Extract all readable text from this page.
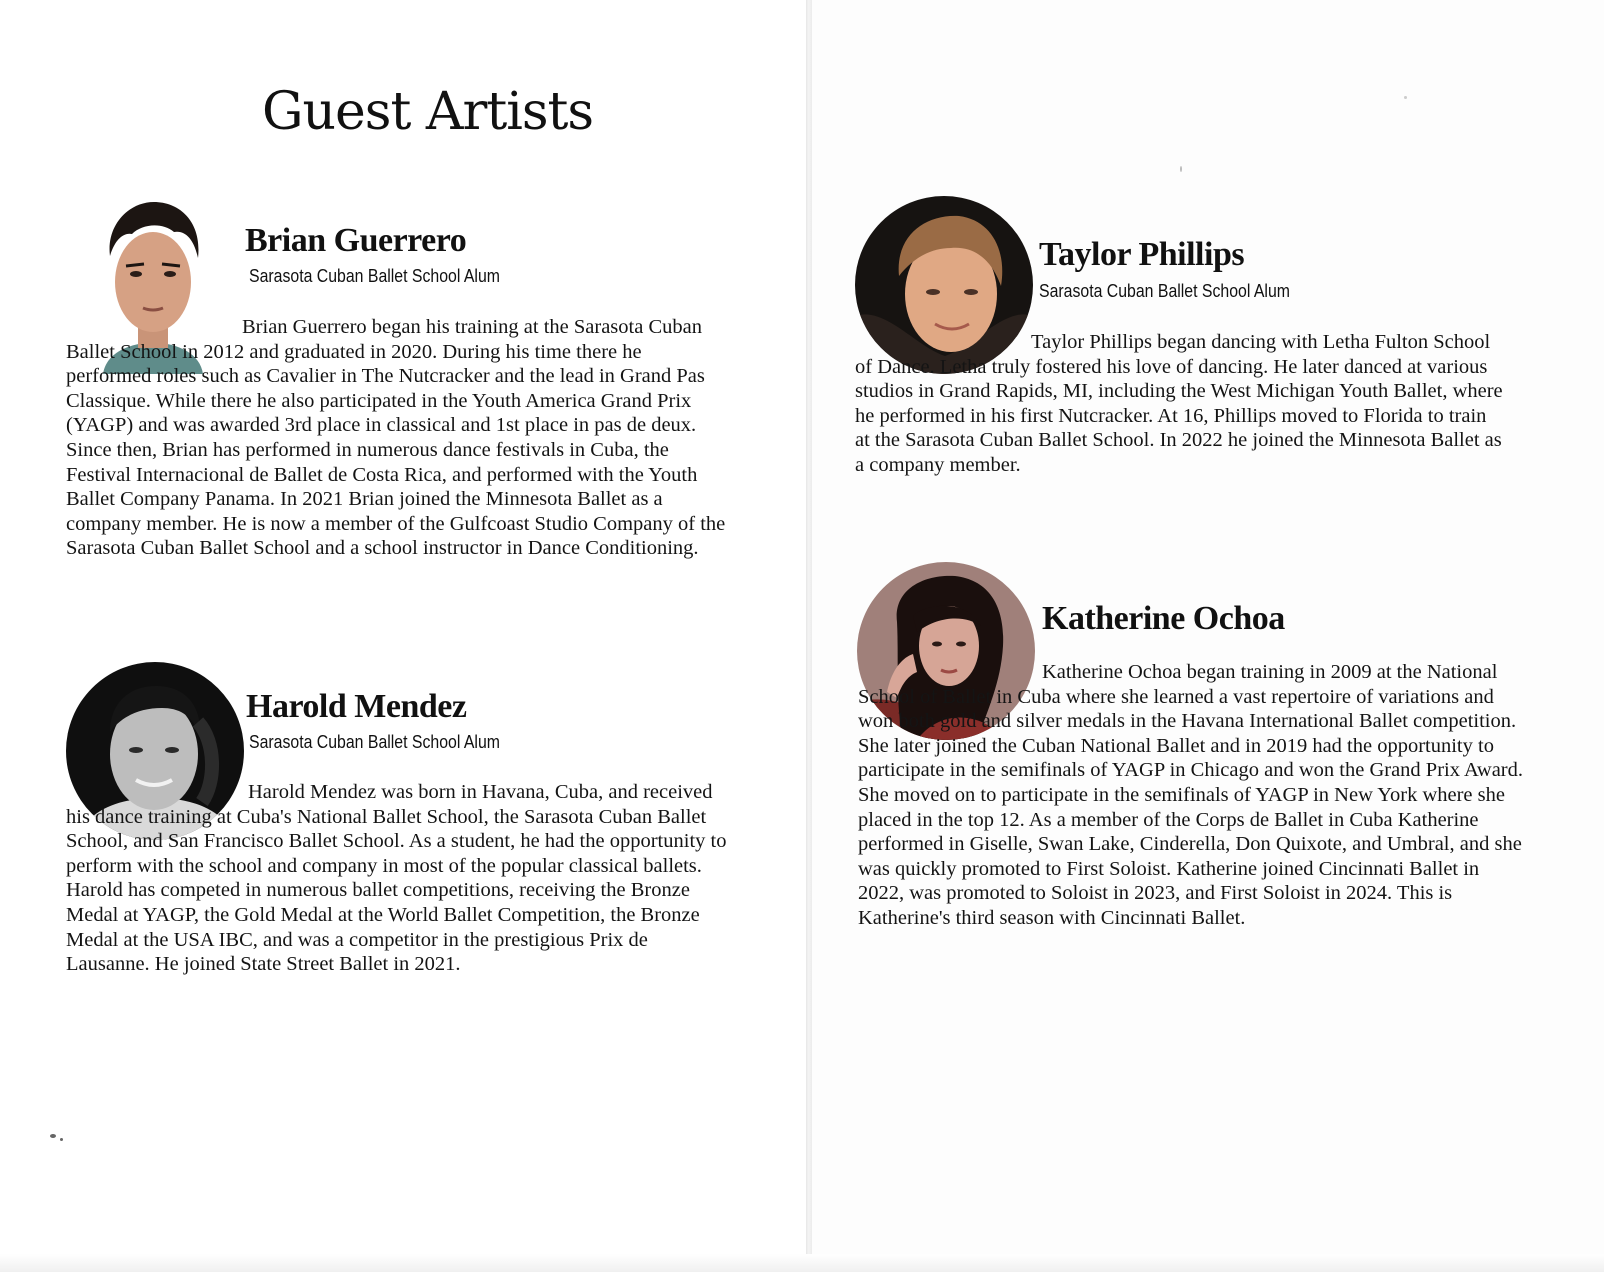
Guest Artists
Brian Guerrero
Sarasota Cuban Ballet School Alum
Brian Guerrero began his training at the Sarasota Cuban Ballet School in 2012 and graduated in 2020. During his time there he performed roles such as Cavalier in The Nutcracker and the lead in Grand Pas Classique. While there he also participated in the Youth America Grand Prix (YAGP) and was awarded 3rd place in classical and 1st place in pas de deux. Since then, Brian has performed in numerous dance festivals in Cuba, the Festival Internacional de Ballet de Costa Rica, and performed with the Youth Ballet Company Panama. In 2021 Brian joined the Minnesota Ballet as a company member. He is now a member of the Gulfcoast Studio Company of the Sarasota Cuban Ballet School and a school instructor in Dance Conditioning.
Harold Mendez
Sarasota Cuban Ballet School Alum
Harold Mendez was born in Havana, Cuba, and received his dance training at Cuba's National Ballet School, the Sarasota Cuban Ballet School, and San Francisco Ballet School. As a student, he had the opportunity to perform with the school and company in most of the popular classical ballets. Harold has competed in numerous ballet competitions, receiving the Bronze Medal at YAGP, the Gold Medal at the World Ballet Competition, the Bronze Medal at the USA IBC, and was a competitor in the prestigious Prix de Lausanne. He joined State Street Ballet in 2021.
Taylor Phillips
Sarasota Cuban Ballet School Alum
Taylor Phillips began dancing with Letha Fulton School of Dance. Letha truly fostered his love of dancing. He later danced at various studios in Grand Rapids, MI, including the West Michigan Youth Ballet, where he performed in his first Nutcracker. At 16, Phillips moved to Florida to train at the Sarasota Cuban Ballet School. In 2022 he joined the Minnesota Ballet as a company member.
Katherine Ochoa
Katherine Ochoa began training in 2009 at the National School of Ballet in Cuba where she learned a vast repertoire of variations and won both gold and silver medals in the Havana International Ballet competition. She later joined the Cuban National Ballet and in 2019 had the opportunity to participate in the semifinals of YAGP in Chicago and won the Grand Prix Award. She moved on to participate in the semifinals of YAGP in New York where she placed in the top 12. As a member of the Corps de Ballet in Cuba Katherine performed in Giselle, Swan Lake, Cinderella, Don Quixote, and Umbral, and she was quickly promoted to First Soloist. Katherine joined Cincinnati Ballet in 2022, was promoted to Soloist in 2023, and First Soloist in 2024. This is Katherine's third season with Cincinnati Ballet.
